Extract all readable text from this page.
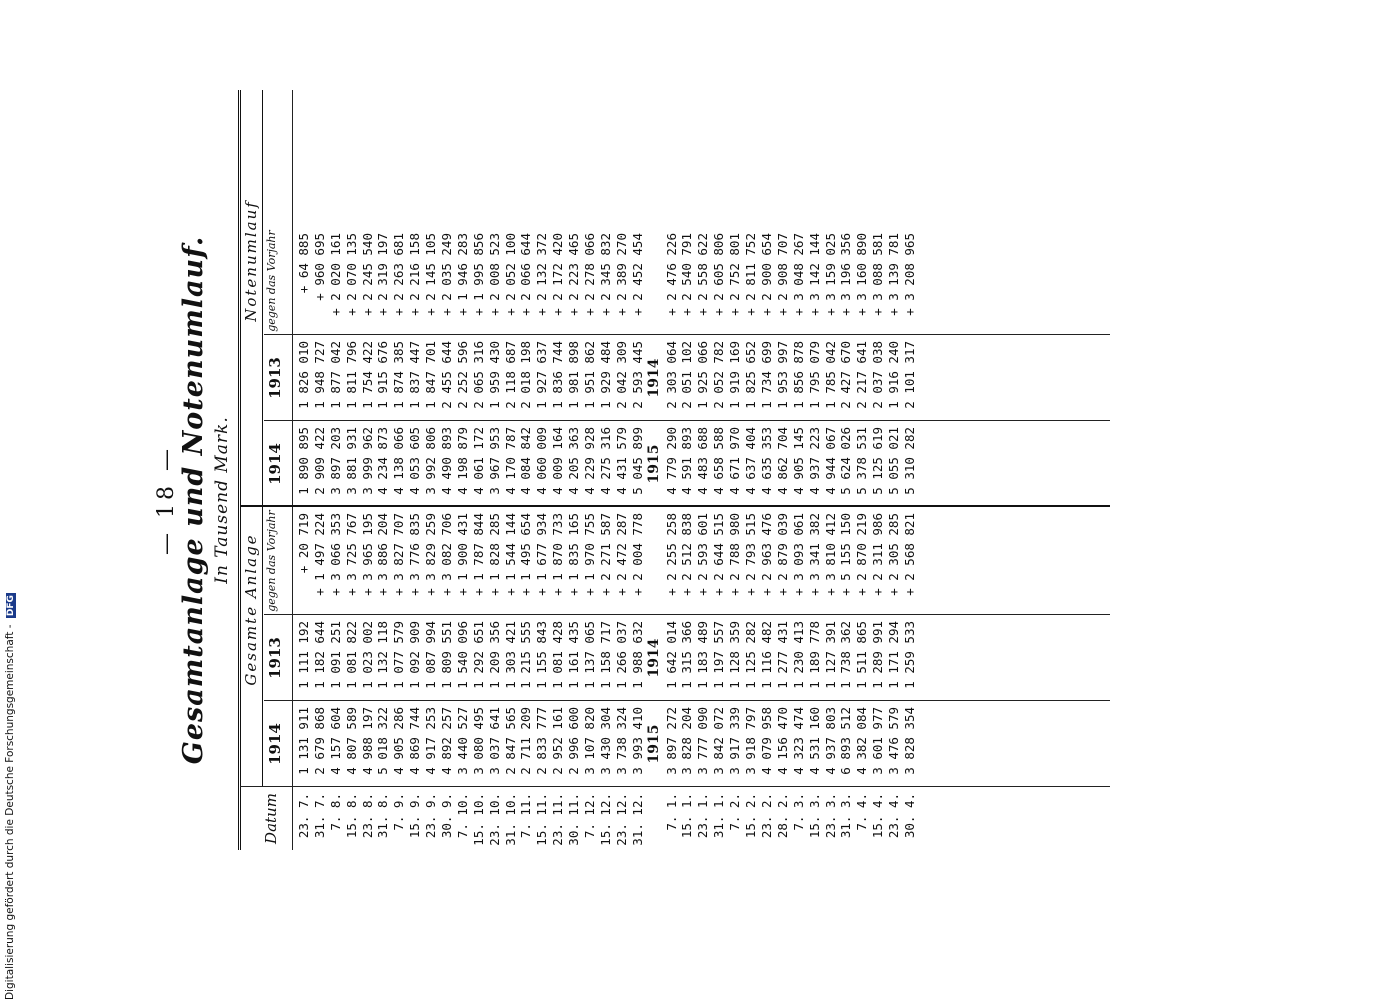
— 18 — Gesamtanlage und Notenumlauf. In Tausend Mark.
Gesamte Anlage
Notenumlauf
Datum
1914
1913
gegen das Vorjahr
1914
1913
gegen das Vorjahr
23. 7.
1 131 911
1 111 192
+ 20 719
1 890 895
1 826 010
+ 64 885
31. 7.
2 679 868
1 182 644
+ 1 497 224
2 909 422
1 948 727
+ 960 695
7. 8.
4 157 604
1 091 251
+ 3 066 353
3 897 203
1 877 042
+ 2 020 161
15. 8.
4 807 589
1 081 822
+ 3 725 767
3 881 931
1 811 796
+ 2 070 135
23. 8.
4 988 197
1 023 002
+ 3 965 195
3 999 962
1 754 422
+ 2 245 540
31. 8.
5 018 322
1 132 118
+ 3 886 204
4 234 873
1 915 676
+ 2 319 197
7. 9.
4 905 286
1 077 579
+ 3 827 707
4 138 066
1 874 385
+ 2 263 681
15. 9.
4 869 744
1 092 909
+ 3 776 835
4 053 605
1 837 447
+ 2 216 158
23. 9.
4 917 253
1 087 994
+ 3 829 259
3 992 806
1 847 701
+ 2 145 105
30. 9.
4 892 257
1 809 551
+ 3 082 706
4 490 893
2 455 644
+ 2 035 249
7. 10.
3 440 527
1 540 096
+ 1 900 431
4 198 879
2 252 596
+ 1 946 283
15. 10.
3 080 495
1 292 651
+ 1 787 844
4 061 172
2 065 316
+ 1 995 856
23. 10.
3 037 641
1 209 356
+ 1 828 285
3 967 953
1 959 430
+ 2 008 523
31. 10.
2 847 565
1 303 421
+ 1 544 144
4 170 787
2 118 687
+ 2 052 100
7. 11.
2 711 209
1 215 555
+ 1 495 654
4 084 842
2 018 198
+ 2 066 644
15. 11.
2 833 777
1 155 843
+ 1 677 934
4 060 009
1 927 637
+ 2 132 372
23. 11.
2 952 161
1 081 428
+ 1 870 733
4 009 164
1 836 744
+ 2 172 420
30. 11.
2 996 600
1 161 435
+ 1 835 165
4 205 363
1 981 898
+ 2 223 465
7. 12.
3 107 820
1 137 065
+ 1 970 755
4 229 928
1 951 862
+ 2 278 066
15. 12.
3 430 304
1 158 717
+ 2 271 587
4 275 316
1 929 484
+ 2 345 832
23. 12.
3 738 324
1 266 037
+ 2 472 287
4 431 579
2 042 309
+ 2 389 270
31. 12.
3 993 410
1 988 632
+ 2 004 778
5 045 899
2 593 445
+ 2 452 454
1915
1914
1915
1914
7. 1.
3 897 272
1 642 014
+ 2 255 258
4 779 290
2 303 064
+ 2 476 226
15. 1.
3 828 204
1 315 366
+ 2 512 838
4 591 893
2 051 102
+ 2 540 791
23. 1.
3 777 090
1 183 489
+ 2 593 601
4 483 688
1 925 066
+ 2 558 622
31. 1.
3 842 072
1 197 557
+ 2 644 515
4 658 588
2 052 782
+ 2 605 806
7. 2.
3 917 339
1 128 359
+ 2 788 980
4 671 970
1 919 169
+ 2 752 801
15. 2.
3 918 797
1 125 282
+ 2 793 515
4 637 404
1 825 652
+ 2 811 752
23. 2.
4 079 958
1 116 482
+ 2 963 476
4 635 353
1 734 699
+ 2 900 654
28. 2.
4 156 470
1 277 431
+ 2 879 039
4 862 704
1 953 997
+ 2 908 707
7. 3.
4 323 474
1 230 413
+ 3 093 061
4 905 145
1 856 878
+ 3 048 267
15. 3.
4 531 160
1 189 778
+ 3 341 382
4 937 223
1 795 079
+ 3 142 144
23. 3.
4 937 803
1 127 391
+ 3 810 412
4 944 067
1 785 042
+ 3 159 025
31. 3.
6 893 512
1 738 362
+ 5 155 150
5 624 026
2 427 670
+ 3 196 356
7. 4.
4 382 084
1 511 865
+ 2 870 219
5 378 531
2 217 641
+ 3 160 890
15. 4.
3 601 977
1 289 991
+ 2 311 986
5 125 619
2 037 038
+ 3 088 581
23. 4.
3 476 579
1 171 294
+ 2 305 285
5 055 021
1 916 240
+ 3 139 781
30. 4.
3 828 354
1 259 533
+ 2 568 821
5 310 282
2 101 317
+ 3 208 965
Digitalisierung gefördert durch die Deutsche Forschungsgemeinschaft - DFG
